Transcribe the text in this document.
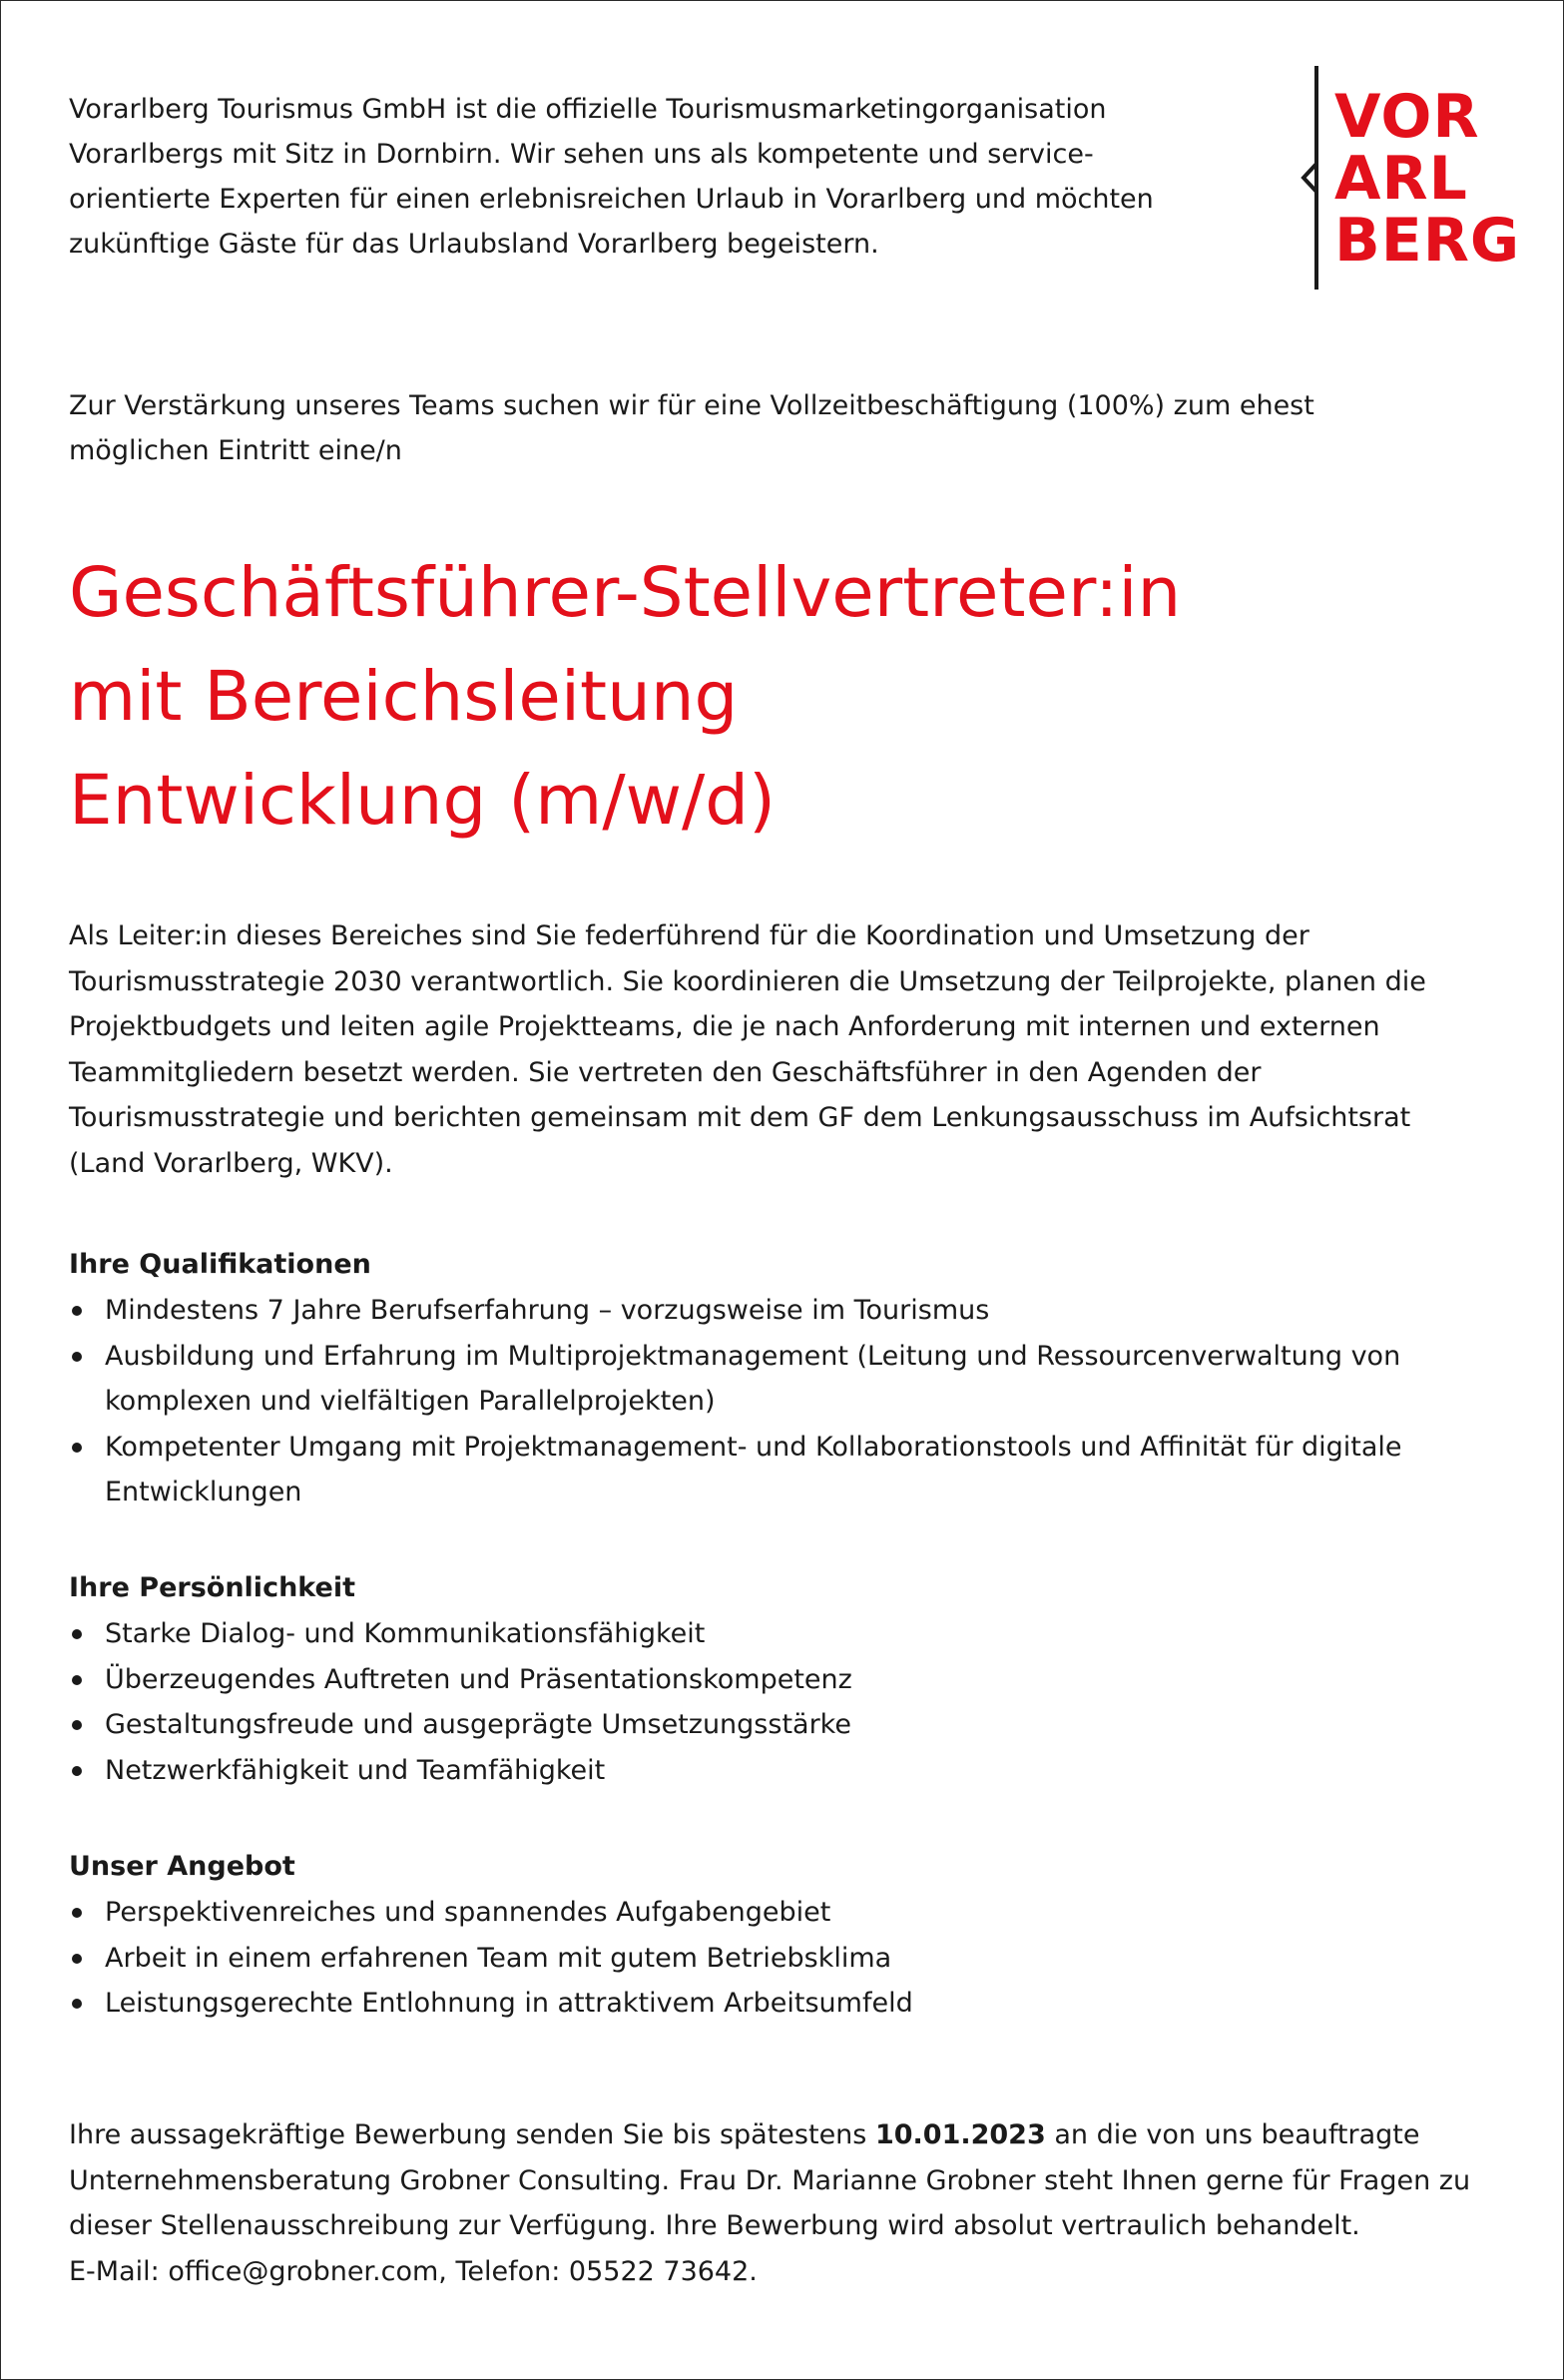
Vorarlberg Tourismus GmbH ist die offizielle Tourismusmarketingorganisation Vorarlbergs mit Sitz in Dornbirn. Wir sehen uns als kompetente und serviceorientierte Experten für einen erlebnisreichen Urlaub in Vorarlberg und möchten zukünftige Gäste für das Urlaubsland Vorarlberg begeistern.

VOR
ARL
BERG

Zur Verstärkung unseres Teams suchen wir für eine Vollzeitbeschäftigung (100%) zum ehest möglichen Eintritt eine/n

Geschäftsführer-Stellvertreter:in
mit Bereichsleitung
Entwicklung (m/w/d)

Als Leiter:in dieses Bereiches sind Sie federführend für die Koordination und Umsetzung der Tourismusstrategie 2030 verantwortlich. Sie koordinieren die Umsetzung der Teilprojekte, planen die Projektbudgets und leiten agile Projektteams, die je nach Anforderung mit internen und externen Teammitgliedern besetzt werden. Sie vertreten den Geschäftsführer in den Agenden der Tourismusstrategie und berichten gemeinsam mit dem GF dem Lenkungsausschuss im Aufsichtsrat (Land Vorarlberg, WKV).

Ihre Qualifikationen
Mindestens 7 Jahre Berufserfahrung – vorzugsweise im Tourismus
Ausbildung und Erfahrung im Multiprojektmanagement (Leitung und Ressourcenverwaltung von komplexen und vielfältigen Parallelprojekten)
Kompetenter Umgang mit Projektmanagement- und Kollaborationstools und Affinität für digitale Entwicklungen
Ihre Persönlichkeit
Starke Dialog- und Kommunikationsfähigkeit
Überzeugendes Auftreten und Präsentationskompetenz
Gestaltungsfreude und ausgeprägte Umsetzungsstärke
Netzwerkfähigkeit und Teamfähigkeit
Unser Angebot
Perspektivenreiches und spannendes Aufgabengebiet
Arbeit in einem erfahrenen Team mit gutem Betriebsklima
Leistungsgerechte Entlohnung in attraktivem Arbeitsumfeld

Ihre aussagekräftige Bewerbung senden Sie bis spätestens 10.01.2023 an die von uns beauftragte Unternehmensberatung Grobner Consulting. Frau Dr. Marianne Grobner steht Ihnen gerne für Fragen zu dieser Stellenausschreibung zur Verfügung. Ihre Bewerbung wird absolut vertraulich behandelt.
E-Mail: office@grobner.com, Telefon: 05522 73642.
